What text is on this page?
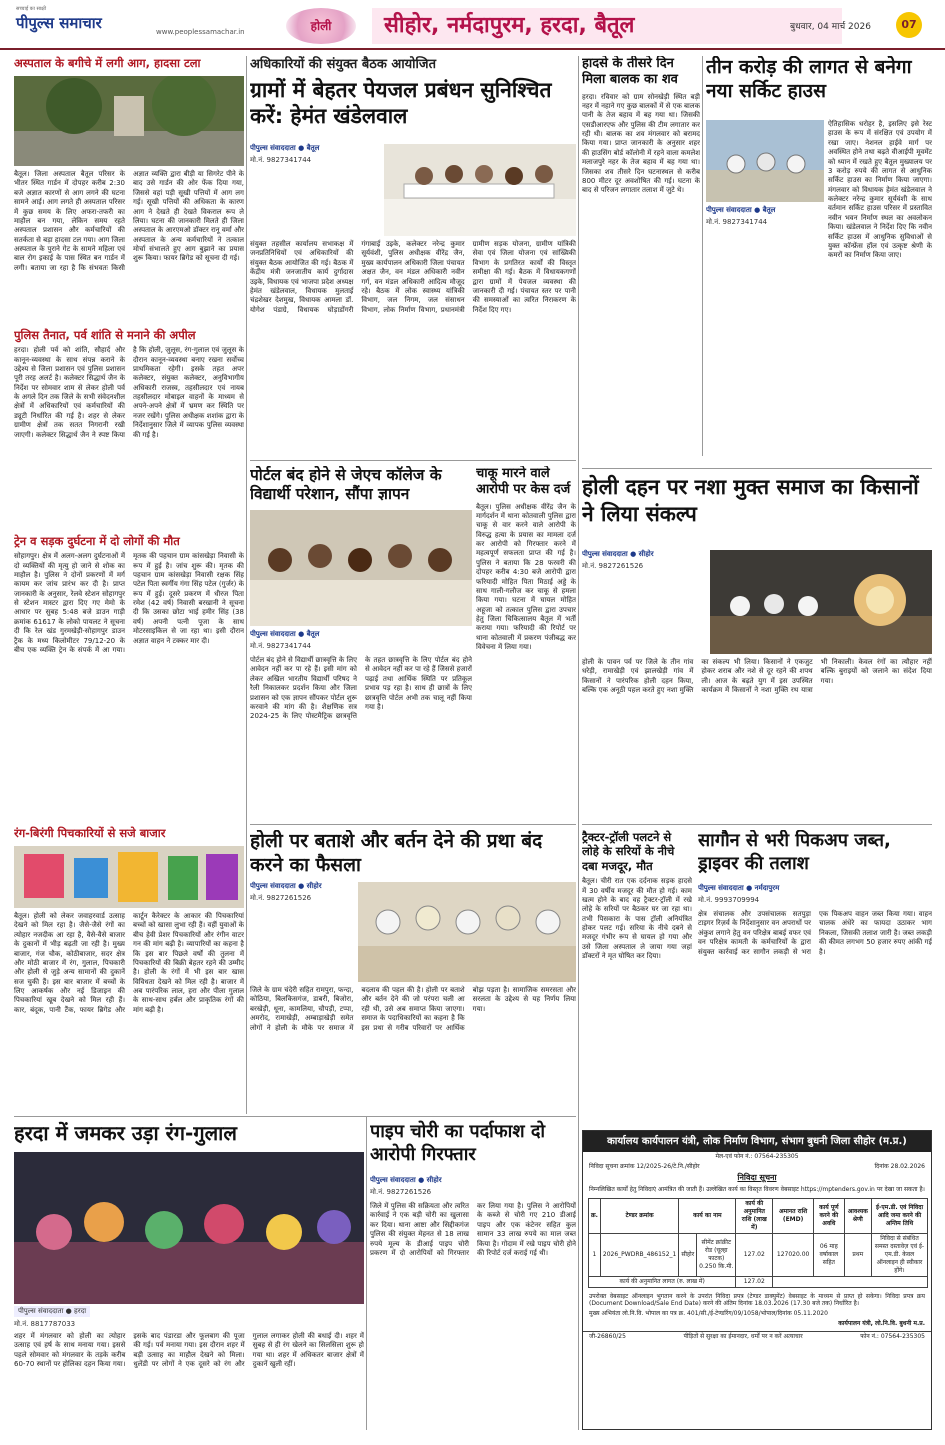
सच्चाई का साक्षी
पीपुल्स समाचार	www.peoplessamachar.in	होली	सीहोर, नर्मदापुरम, हरदा, बैतूल	बुधवार, 04 मार्च 2026	07
अस्पताल के बगीचे में लगी आग, हादसा टला
बैतूल। जिला अस्पताल बैतूल परिसर के भीतर स्थित गार्डन में दोपहर करीब 2:30 बजे अज्ञात कारणों से आग लगने की घटना सामने आई। आग लगते ही अस्पताल परिसर में कुछ समय के लिए अफरा-तफरी का माहौल बन गया, लेकिन समय रहते अस्पताल प्रशासन और कर्मचारियों की सतर्कता से बड़ा हादसा टल गया। आग जिला अस्पताल के पुराने गेट के सामने महिला एवं बाल रोग इकाई के पास स्थित बन गार्डन में लगी। बताया जा रहा है कि संभवतः किसी अज्ञात व्यक्ति द्वारा बीड़ी या सिगरेट पीने के बाद उसे गार्डन की ओर फेंक दिया गया, जिससे वहां पड़ी सूखी पत्तियों में आग लग गई। सूखी पत्तियों की अधिकता के कारण आग ने देखते ही देखते विकराल रूप ले लिया। घटना की जानकारी मिलते ही जिला अस्पताल के आरएमओ डॉक्टर रानू वर्मा और अस्पताल के अन्य कर्मचारियों ने तत्काल मोर्चा संभालते हुए आग बुझाने का प्रयास शुरू किया। फायर ब्रिगेड को सूचना दी गई।
पुलिस तैनात, पर्व शांति से मनाने की अपील
हरदा। होली पर्व को शांति, सौहार्द और कानून-व्यवस्था के साथ संपन्न कराने के उद्देश्य से जिला प्रशासन एवं पुलिस प्रशासन पूरी तरह अलर्ट है। कलेक्टर सिद्धार्थ जैन के निर्देश पर सोमवार शाम से लेकर होली पर्व के अगले दिन तक जिले के सभी संवेदनशील क्षेत्रों में अधिकारियों एवं कर्मचारियों की ड्यूटी निर्धारित की गई है। शहर से लेकर ग्रामीण क्षेत्रों तक सतत निगरानी रखी जाएगी। कलेक्टर सिद्धार्थ जैन ने स्पष्ट किया है कि होली, जुलूस, रंग-गुलाल एवं जुलूस के दौरान कानून-व्यवस्था बनाए रखना सर्वोच्च प्राथमिकता रहेगी। इसके तहत अपर कलेक्टर, संयुक्त कलेक्टर, अनुविभागीय अधिकारी राजस्व, तहसीलदार एवं नायब तहसीलदार मोबाइल वाहनों के माध्यम से अपने-अपने क्षेत्रों में भ्रमण कर स्थिति पर नजर रखेंगे। पुलिस अधीक्षक शशांक द्वारा के निर्देशानुसार जिले में व्यापक पुलिस व्यवस्था की गई है।
ट्रेन व सड़क दुर्घटना में दो लोगों की मौत
सोहागपुर। क्षेत्र में अलग-अलग दुर्घटनाओं में दो व्यक्तियों की मृत्यु हो जाने से शोक का माहौल है। पुलिस ने दोनों प्रकरणों में मर्ग कायम कर जांच प्रारंभ कर दी है। प्राप्त जानकारी के अनुसार, रेलवे स्टेशन सोहागपुर से स्टेशन मास्टर द्वारा दिए गए मेमो के आधार पर सुबह 5:48 बजे डाउन गाड़ी क्रमांक 61617 के लोको पायलट ने सूचना दी कि रेल खंड गुरमखेड़ी-सोहागपुर डाउन ट्रैक के मध्य किलोमीटर 79/12-20 के बीच एक व्यक्ति ट्रेन के संपर्क में आ गया। मृतक की पहचान ग्राम कांसखेड़ा निवासी के रूप में हुई है। जांच शुरू की। मृतक की पहचान ग्राम कांसखेड़ा निवासी रक्षक सिंह पटेल पिता स्वर्गीय गंगा सिंह पटेल (गुर्जर) के रूप में हुई। दूसरे प्रकरण में धीरज पिता रमेश (42 वर्ष) निवासी बरखानी ने सूचना दी कि उसका छोटा भाई हमीर सिंह (38 वर्ष) अपनी पत्नी पूजा के साथ मोटरसाइकिल से जा रहा था। इसी दौरान अज्ञात वाहन ने टक्कर मार दी।
रंग-बिरंगी पिचकारियों से सजे बाजार
बैतूल। होली को लेकर जवाहरवार्ड उत्साह देखने को मिल रहा है। जैसे-जैसे रंगों का त्योहार नजदीक आ रहा है, वैसे-वैसे बाजार के दुकानों में भीड़ बढ़ती जा रही है। मुख्य बाजार, गंज चौक, कोठीबाजार, सदर क्षेत्र और मोठी बाजार में रंग, गुलाल, पिचकारी और होली से जुड़े अन्य सामानों की दुकानें सज चुकी हैं। इस बार बाजार में बच्चों के लिए आकर्षक और नई डिजाइन की पिचकारियां खूब देखने को मिल रही हैं। कार, बंदूक, पानी टैंक, फायर ब्रिगेड और कार्टून कैरेक्टर के आकार की पिचकारियां बच्चों को खासा लुभा रही हैं। वहीं युवाओं के बीच हेवी प्रेशर पिचकारियों और रंगीन वाटर गन की मांग बढ़ी है। व्यापारियों का कहना है कि इस बार पिछले वर्षों की तुलना में पिचकारियों की बिक्री बेहतर रहने की उम्मीद है। होली के रंगों में भी इस बार खास विविधता देखने को मिल रही है। बाजार में अब पारंपरिक लाल, हरा और पीला गुलाल के साथ-साथ हर्बल और प्राकृतिक रंगों की मांग बढ़ी है।
हरदा में जमकर उड़ा रंग-गुलाल
पीपुल्स संवाददाता ● हरदा
मो.नं. 8817787033
शहर में मंगलवार को होली का त्योहार उत्साह एवं हर्ष के साथ मनाया गया। इससे पहले सोमवार को मंगलवार के तड़के करीब 60-70 स्थानों पर होलिका दहन किया गया। इसके बाद पंडारडा और फूलबाग की पूजा की गई। पर्व मनाया गया। इस दौरान शहर में बड़ी उत्साह का माहौल देखने को मिला। धुलेंडी पर लोगों ने एक दूसरे को रंग और गुलाल लगाकर होली की बधाई दी। शहर में सुबह से ही रंग खेलने का सिलसिला शुरू हो गया था। शहर में अधिकतर बाजार क्षेत्रों में दुकानें खुली रहीं।
अधिकारियों की संयुक्त बैठक आयोजित
ग्रामों में बेहतर पेयजल प्रबंधन सुनिश्चित करें: हेमंत खंडेलवाल
पीपुल्स संवाददाता ● बैतूल
मो.नं. 9827341744
संयुक्त तहसील कार्यालय सभाकक्ष में जनप्रतिनिधियों एवं अधिकारियों की संयुक्त बैठक आयोजित की गई। बैठक में केंद्रीय मंत्री जनजातीय कार्य दुर्गादास उइके, विधायक एवं भाजपा प्रदेश अध्यक्ष हेमंत खंडेलवाल, विधायक मुलताई चंद्रशेखर देशमुख, विधायक आमला डॉ. योगेश पंडाग्रे, विधायक घोड़ाडोंगरी गंगाबाई उइके, कलेक्टर नरेन्द्र कुमार सूर्यवंशी, पुलिस अधीक्षक वीरेंद्र जैन, मुख्य कार्यपालन अधिकारी जिला पंचायत अक्षत जैन, वन मंडल अधिकारी नवीन गर्ग, वन मंडल अधिकारी आदित्य मौजूद रहे। बैठक में लोक स्वास्थ्य यांत्रिकी विभाग, जल निगम, जल संसाधन विभाग, लोक निर्माण विभाग, प्रधानमंत्री ग्रामीण सड़क योजना, ग्रामीण यांत्रिकी सेवा एवं जिला योजना एवं सांख्यिकी विभाग के प्रगतिरत कार्यों की विस्तृत समीक्षा की गई। बैठक में विधायकगणों द्वारा ग्रामों में पेयजल व्यवस्था की जानकारी दी गई। पंचायत स्तर पर पानी की समस्याओं का त्वरित निराकरण के निर्देश दिए गए।
पोर्टल बंद होने से जेएच कॉलेज के विद्यार्थी परेशान, सौंपा ज्ञापन
पीपुल्स संवाददाता ● बैतूल
मो.नं. 9827341744
पोर्टल बंद होने से विद्यार्थी छात्रवृत्ति के लिए आवेदन नहीं कर पा रहे हैं। इसी मांग को लेकर अखिल भारतीय विद्यार्थी परिषद ने रैली निकालकर प्रदर्शन किया और जिला प्रशासन को एक ज्ञापन सौंपकर पोर्टल शुरू करवाने की मांग की है। शैक्षणिक सत्र 2024-25 के लिए पोस्टमैट्रिक छात्रवृत्ति के तहत छात्रवृत्ति के लिए पोर्टल बंद होने से आवेदन नहीं कर पा रहे हैं जिससे हजारों पढ़ाई तथा आर्थिक स्थिति पर प्रतिकूल प्रभाव पड़ रहा है। साथ ही छात्रों के लिए छात्रवृत्ति पोर्टल अभी तक चालू नहीं किया गया है।
चाकू मारने वाले आरोपी पर केस दर्ज
बैतूल। पुलिस अधीक्षक वीरेंद्र जैन के मार्गदर्शन में थाना कोतवाली पुलिस द्वारा चाकू से वार करने वाले आरोपी के विरुद्ध हत्या के प्रयास का मामला दर्ज कर आरोपी को गिरफ्तार करने में महत्वपूर्ण सफलता प्राप्त की गई है। पुलिस ने बताया कि 28 फरवरी की दोपहर करीब 4:30 बजे आरोपी द्वारा फरियादी मोहित पिता मिठाई अड्डे के साथ गाली-गलौज कर चाकू से हमला किया गया। घटना में घायल मोहित अहूजा को तत्काल पुलिस द्वारा उपचार हेतु जिला चिकित्सालय बैतूल में भर्ती कराया गया। फरियादी की रिपोर्ट पर थाना कोतवाली में प्रकरण पंजीबद्ध कर विवेचना में लिया गया।
होली पर बताशे और बर्तन देने की प्रथा बंद करने का फैसला
पीपुल्स संवाददाता ● सीहोर
मो.नं. 9827261526
जिले के ग्राम चंदेरी सहित रामपुरा, फन्दा, कोठिया, बिलकिसगंज, डाबरी, बिजोरा, बरखेड़ी, धूना, कामलिया, चौपड़ी, टप्पा, अमरोद, रामाखेड़ी, अम्बाड़ाखेड़ी समेत लोगों ने होली के मौके पर समाज में बदलाव की पहल की है। होली पर बताशे और बर्तन देने की जो परंपरा चली आ रही थी, उसे अब समाप्त किया जाएगा। समाज के पदाधिकारियों का कहना है कि इस प्रथा से गरीब परिवारों पर आर्थिक बोझ पड़ता है। सामाजिक समरसता और सरलता के उद्देश्य से यह निर्णय लिया गया।
पाइप चोरी का पर्दाफाश दो आरोपी गिरफ्तार
पीपुल्स संवाददाता ● सीहोर
मो.नं. 9827261526
जिले में पुलिस की सक्रियता और त्वरित कार्रवाई ने एक बड़ी चोरी का खुलासा कर दिया। थाना आष्टा और सिद्दीकगंज पुलिस की संयुक्त मेहनत से 18 लाख रुपये मूल्य के डीआई पाइप चोरी प्रकरण में दो आरोपियों को गिरफ्तार कर लिया गया है। पुलिस ने आरोपियों के कब्जे से चोरी गए 210 डीआई पाइप और एक कंटेनर सहित कुल सामान 33 लाख रुपये का माल जब्त किया है। गोदाम में रखे पाइप चोरी होने की रिपोर्ट दर्ज कराई गई थी।
हादसे के तीसरे दिन मिला बालक का शव
हरदा। रविवार को ग्राम सोनखेड़ी स्थित बड़ी नहर में नहाने गए कुछ बालकों में से एक बालक पानी के तेज बहाव में बह गया था। जिसकी एसडीआरएफ और पुलिस की टीम लगातार कर रही थी। बालक का शव मंगलवार को बरामद किया गया। प्राप्त जानकारी के अनुसार शहर की हाउसिंग बोर्ड कॉलोनी में रहने वाला कमलेश मलाजपुरे नहर के तेज बहाव में बह गया था। जिसका शव तीसरे दिन घटनास्थल से करीब 800 मीटर दूर अवशोषित की गई। घटना के बाद से परिजन लगातार तलाश में जुटे थे।
तीन करोड़ की लागत से बनेगा नया सर्किट हाउस
पीपुल्स संवाददाता ● बैतूल
मो.नं. 9827341744
ऐतिहासिक धरोहर है, इसलिए इसे रेस्ट हाउस के रूप में संरक्षित एवं उपयोग में रखा जाए। नेशनल हाईवे मार्ग पर अवस्थित होने तथा बढ़ते वीआईपी मूवमेंट को ध्यान में रखते हुए बैतूल मुख्यालय पर 3 करोड़ रुपये की लागत से आधुनिक सर्किट हाउस का निर्माण किया जाएगा। मंगलवार को विधायक हेमंत खंडेलवाल ने कलेक्टर नरेन्द्र कुमार सूर्यवंशी के साथ वर्तमान सर्किट हाउस परिसर में प्रस्तावित नवीन भवन निर्माण स्थल का अवलोकन किया। खंडेलवाल ने निर्देश दिए कि नवीन सर्किट हाउस में आधुनिक सुविधाओं से युक्त कॉन्फ्रेंस हॉल एवं उत्कृष्ट श्रेणी के कमरों का निर्माण किया जाए।
होली दहन पर नशा मुक्त समाज का किसानों ने लिया संकल्प
पीपुल्स संवाददाता ● सीहोर
मो.नं. 9827261526
होली के पावन पर्व पर जिले के तीन गांव धरेड़ी, रामाखेड़ी एवं झालखेड़ी गांव में किसानों ने पारंपरिक होली दहन किया, बल्कि एक अनूठी पहल करते हुए नशा मुक्ति का संकल्प भी लिया। किसानों ने एकजुट होकर शराब और नशे से दूर रहने की शपथ ली। आज के बढ़ते युग में इस उपस्थित कार्यक्रम में किसानों ने नशा मुक्ति रथ यात्रा भी निकाली। केवल रंगों का त्यौहार नहीं बल्कि बुराइयों को जलाने का संदेश दिया गया।
ट्रैक्टर-ट्रॉली पलटने से लोहे के सरियों के नीचे दबा मजदूर, मौत
बैतूल। चीरी रात एक दर्दनाक सड़क हादसे में 30 वर्षीय मजदूर की मौत हो गई। काम खत्म होने के बाद वह ट्रैक्टर-ट्रॉली में रखे लोहे के सरियों पर बैठकर घर जा रहा था। तभी पिसकारा के पास ट्रॉली अनियंत्रित होकर पलट गई। सरिया के नीचे दबने से मजदूर गंभीर रूप से घायल हो गया और उसे जिला अस्पताल ले जाया गया जहां डॉक्टरों ने मृत घोषित कर दिया।
सागौन से भरी पिकअप जब्त, ड्राइवर की तलाश
पीपुल्स संवाददाता ● नर्मदापुरम
मो.नं. 9993709994
क्षेत्र संचालक और उपसंचालक सतपुड़ा टाइगर रिज़र्व के निर्देशानुसार वन अपराधों पर अंकुश लगाने हेतु वन परिक्षेत्र बाबई वफर एवं वन परिक्षेत्र कामती के कर्मचारियों के द्वारा संयुक्त कार्रवाई कर सागौन लकड़ी से भरा एक पिकअप वाहन जब्त किया गया। वाहन चालक अंधेरे का फायदा उठाकर भाग निकला, जिसकी तलाश जारी है। जब्त लकड़ी की कीमत लगभग 50 हजार रुपए आंकी गई है।
कार्यालय कार्यपालन यंत्री, लोक निर्माण विभाग, संभाग बुधनी जिला सीहोर (म.प्र.)

मेल-एवं फोन नं.: 07564-235305

निविदा सूचना क्रमांक 12/2025-26/टे.नि./सीहोर	दिनांक 28.02.2026

निविदा सूचना

निम्नलिखित कार्यों हेतु निविदाएं आमंत्रित की जाती हैं। उल्लेखित कार्य का विस्तृत विवरण वेबसाइट https://mptenders.gov.in पर देखा जा सकता है।

क्र.	टेण्डर क्रमांक	कार्य का नाम		कार्य की अनुमानित राशि (लाख में)	अमानत राशि (EMD)	कार्य पूर्ण करने की अवधि	आवश्यक श्रेणी	ई-एम.डी. एवं निविदा आदि जमा करने की अन्तिम तिथि
1	2026_PWDRB_486152_1	सीहोर	सीमेंट क्रांक्रीट रोड (चूल्हा फाटक) 0.250 कि.मी.	127.02	127020.00	06 माह वर्षाकाल सहित	प्रथम	निविदा से संबंधित समस्त दस्तावेज़ एवं ई-एम.डी. केवल ऑनलाइन ही स्वीकार होंगे।
कार्य की अनुमानित लागत (रु. लाख में)				127.02				

उपरोक्त वेबसाइट ऑनलाइन भुगतान करने के उपरांत निविदा प्रपत्र (टेण्डर डाक्युमेंट) वेबसाइट के माध्यम से प्राप्त हो सकेगा। निविदा प्रपत्र क्रय (Document Download/Sale End Date) करने की अंतिम दिनांक 18.03.2026 (17.30 बजे तक) निर्धारित है।

मुख्य अभियंता लो.नि.वि. भोपाल का पत्र क्र. 401/सी./ई-टेण्डरिंग/09/1058/भोपाल/दिनांक 05.11.2020

कार्यपालन यंत्री, लो.नि.वि. बुधनी म.प्र.

जी-26860/25	पीड़ितों से सुरक्षा का ईमानदार, धर्मों पर न करें अत्याचार	फोन नं.: 07564-235305
